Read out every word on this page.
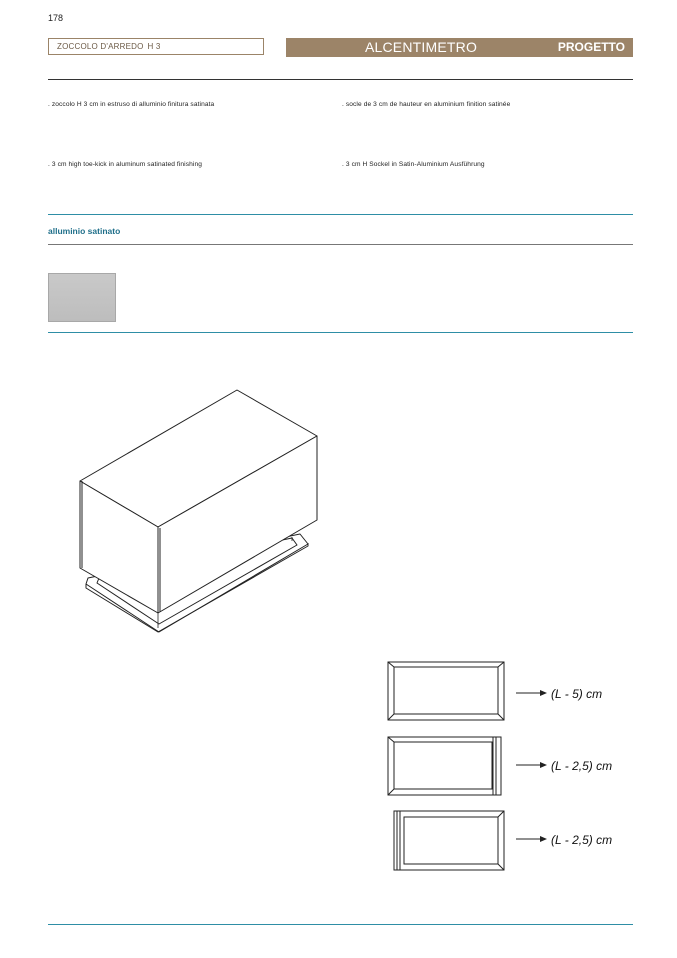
178
ZOCCOLO D'ARREDO H 3	ALCENTIMETRO	PROGETTO
. zoccolo H 3 cm in estruso di alluminio finitura satinata	. socle de 3 cm de hauteur en aluminium finition satinée
. 3 cm high toe-kick in aluminum satinated finishing	. 3 cm H Sockel in Satin-Aluminium Ausführung
alluminio satinato
(L - 5) cm
(L - 2,5) cm
(L - 2,5) cm
